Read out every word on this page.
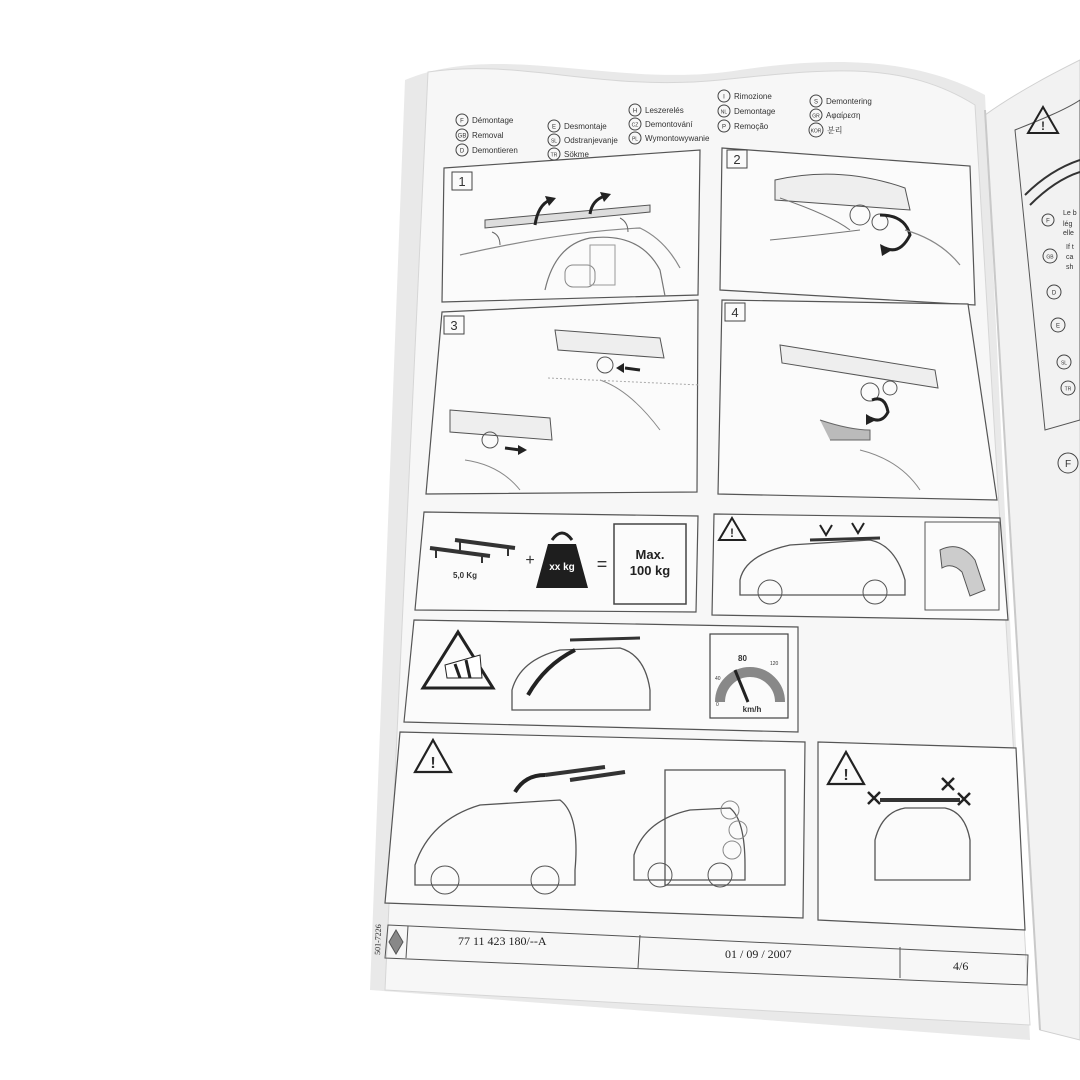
F Démontage
GB Removal
D Demontieren
E Desmontaje
SL Odstranjevanje
TR Sökme
H Leszerelés
CZ Demontování
PL Wymontowywanie
I Rimozione
NL Demontage
P Remoção
S Demontering
GR Αφαίρεση
KOR 분리
1
2
3
4
5,0 Kg
+ xx kg = Max.
100 kg
!
80
40
0
120
km/h
!
!
501-7226	77 11 423 180/--A
01 / 09 / 2007
4/6
!
F
Le b
lég
elle
GB
If t
ca
sh
D
E
SL
TR
F
